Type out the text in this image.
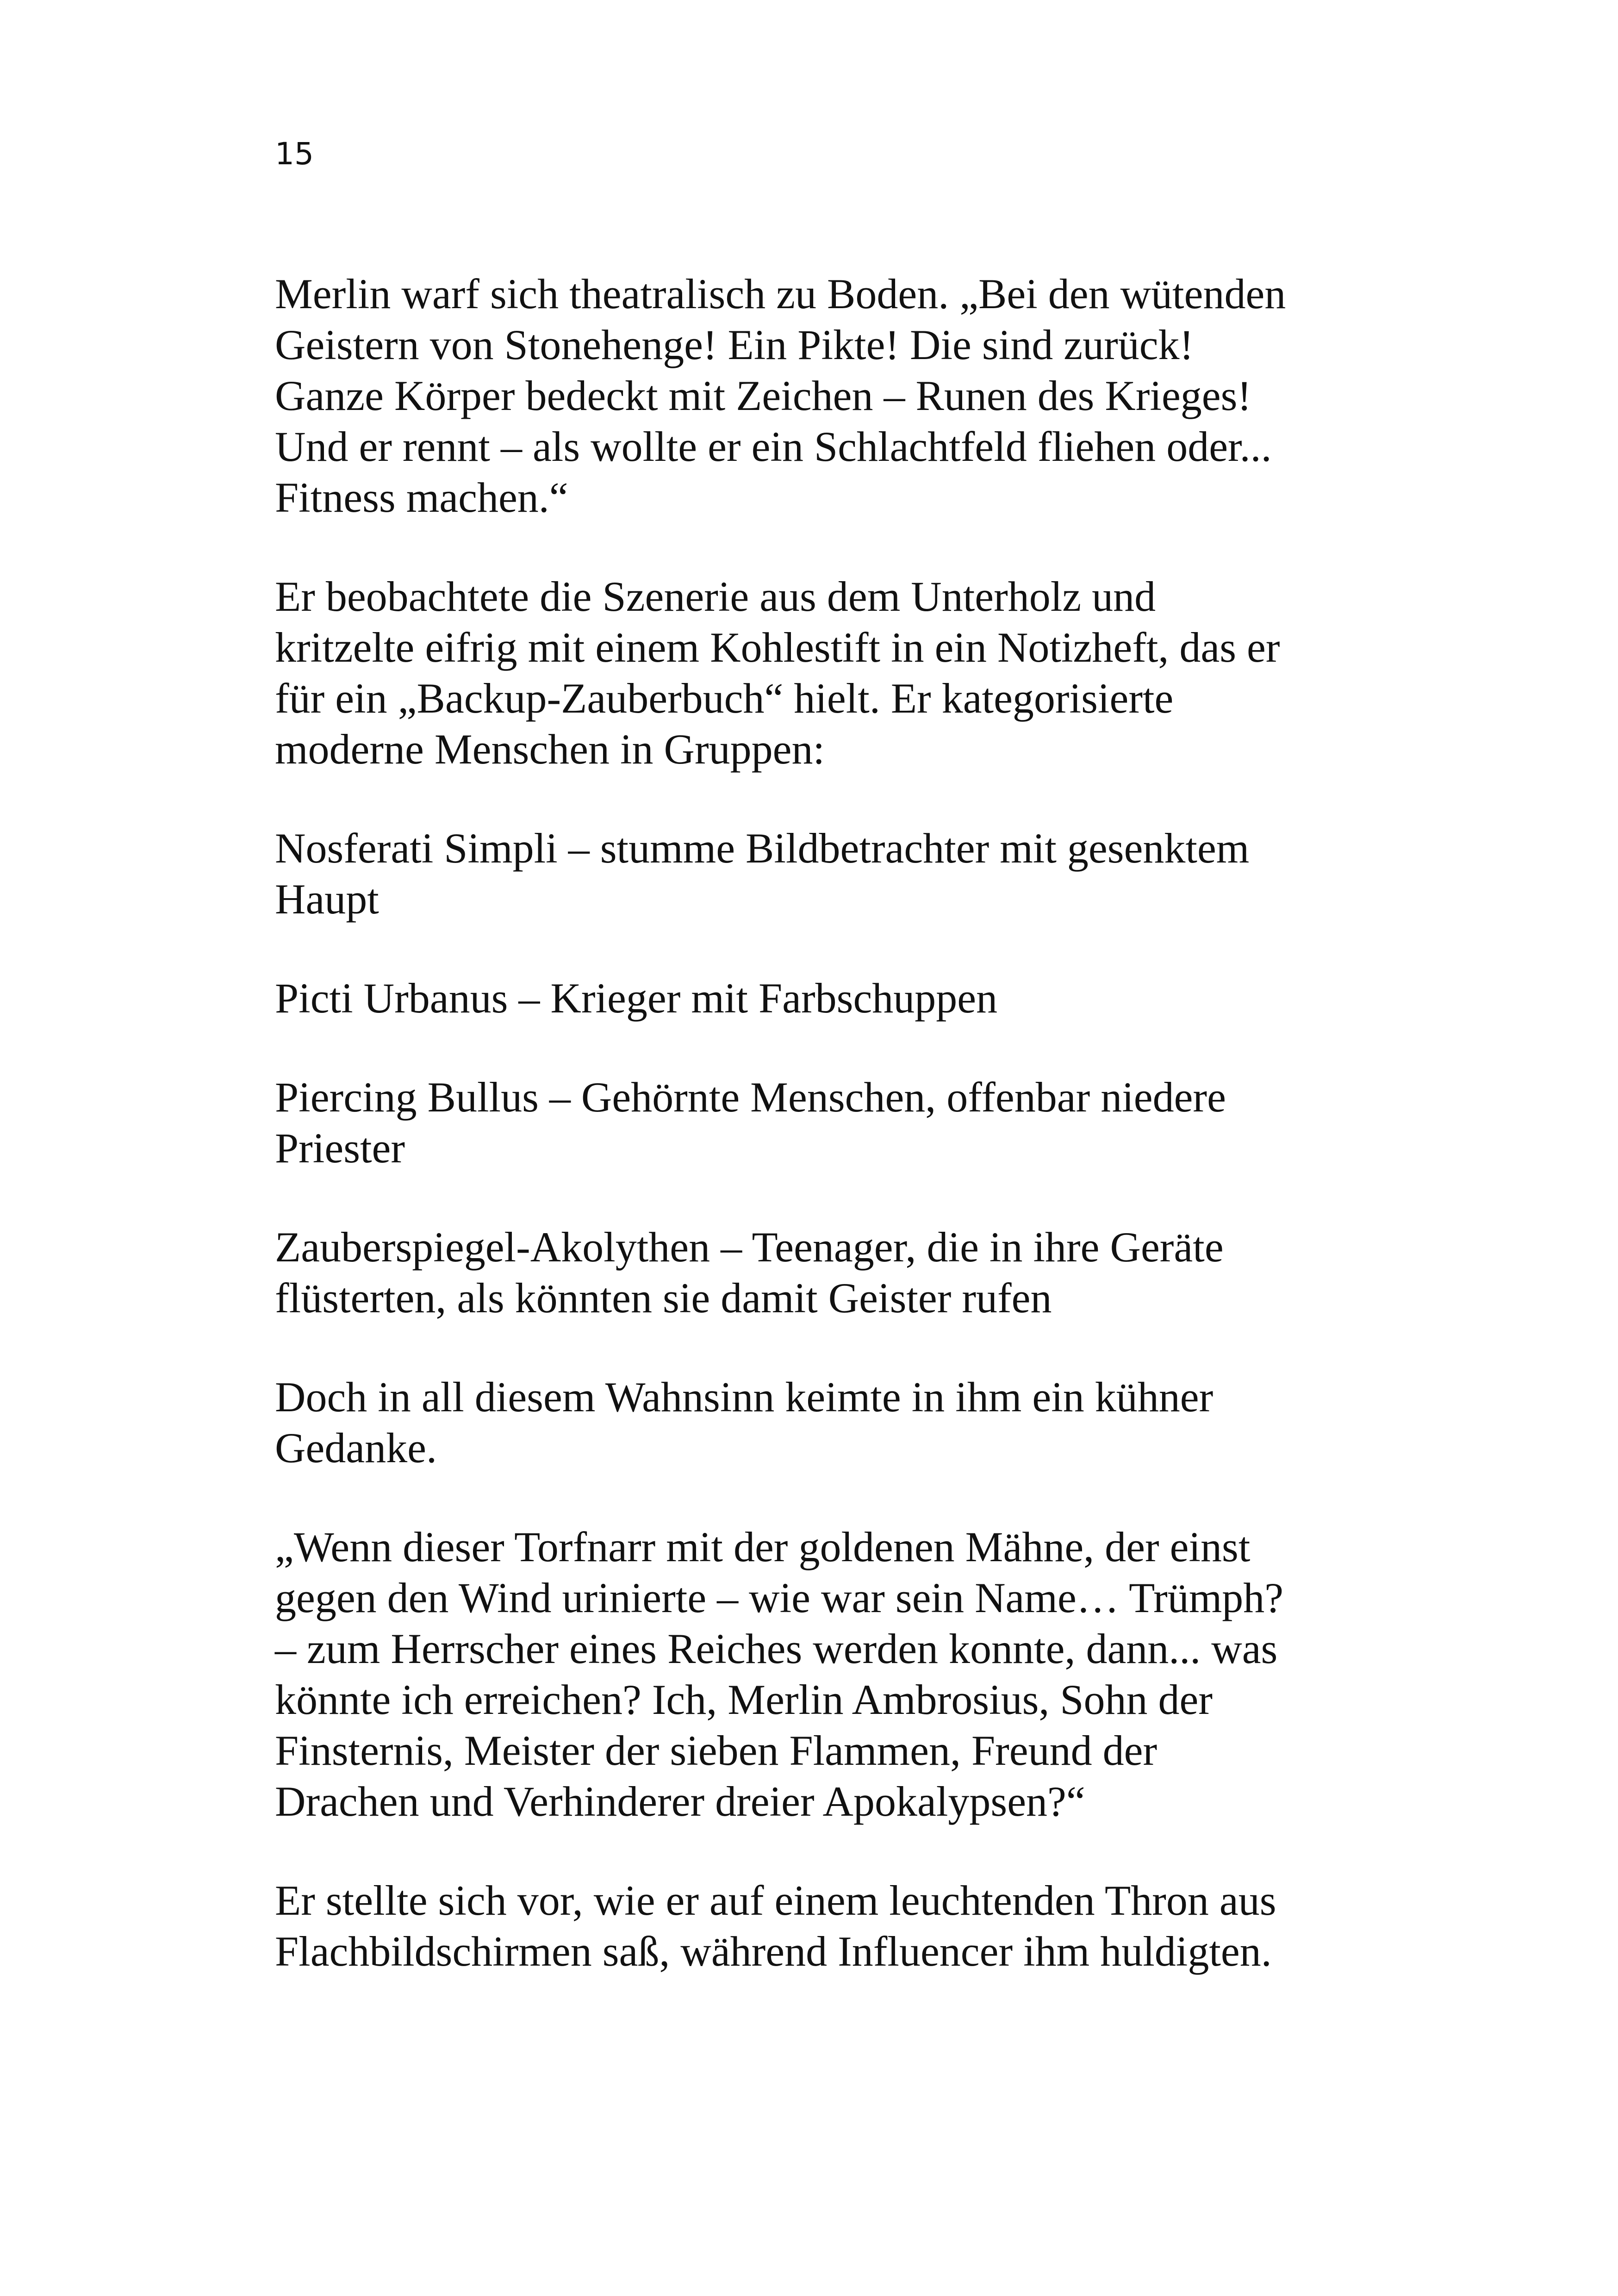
15

Merlin warf sich theatralisch zu Boden. „Bei den wütenden
Geistern von Stonehenge! Ein Pikte! Die sind zurück!
Ganze Körper bedeckt mit Zeichen – Runen des Krieges!
Und er rennt – als wollte er ein Schlachtfeld fliehen oder...
Fitness machen.“

Er beobachtete die Szenerie aus dem Unterholz und
kritzelte eifrig mit einem Kohlestift in ein Notizheft, das er
für ein „Backup-Zauberbuch“ hielt. Er kategorisierte
moderne Menschen in Gruppen:

Nosferati Simpli – stumme Bildbetrachter mit gesenktem
Haupt

Picti Urbanus – Krieger mit Farbschuppen

Piercing Bullus – Gehörnte Menschen, offenbar niedere
Priester

Zauberspiegel-Akolythen – Teenager, die in ihre Geräte
flüsterten, als könnten sie damit Geister rufen

Doch in all diesem Wahnsinn keimte in ihm ein kühner
Gedanke.

„Wenn dieser Torfnarr mit der goldenen Mähne, der einst
gegen den Wind urinierte – wie war sein Name… Trümph?
– zum Herrscher eines Reiches werden konnte, dann... was
könnte ich erreichen? Ich, Merlin Ambrosius, Sohn der
Finsternis, Meister der sieben Flammen, Freund der
Drachen und Verhinderer dreier Apokalypsen?“

Er stellte sich vor, wie er auf einem leuchtenden Thron aus
Flachbildschirmen saß, während Influencer ihm huldigten.
